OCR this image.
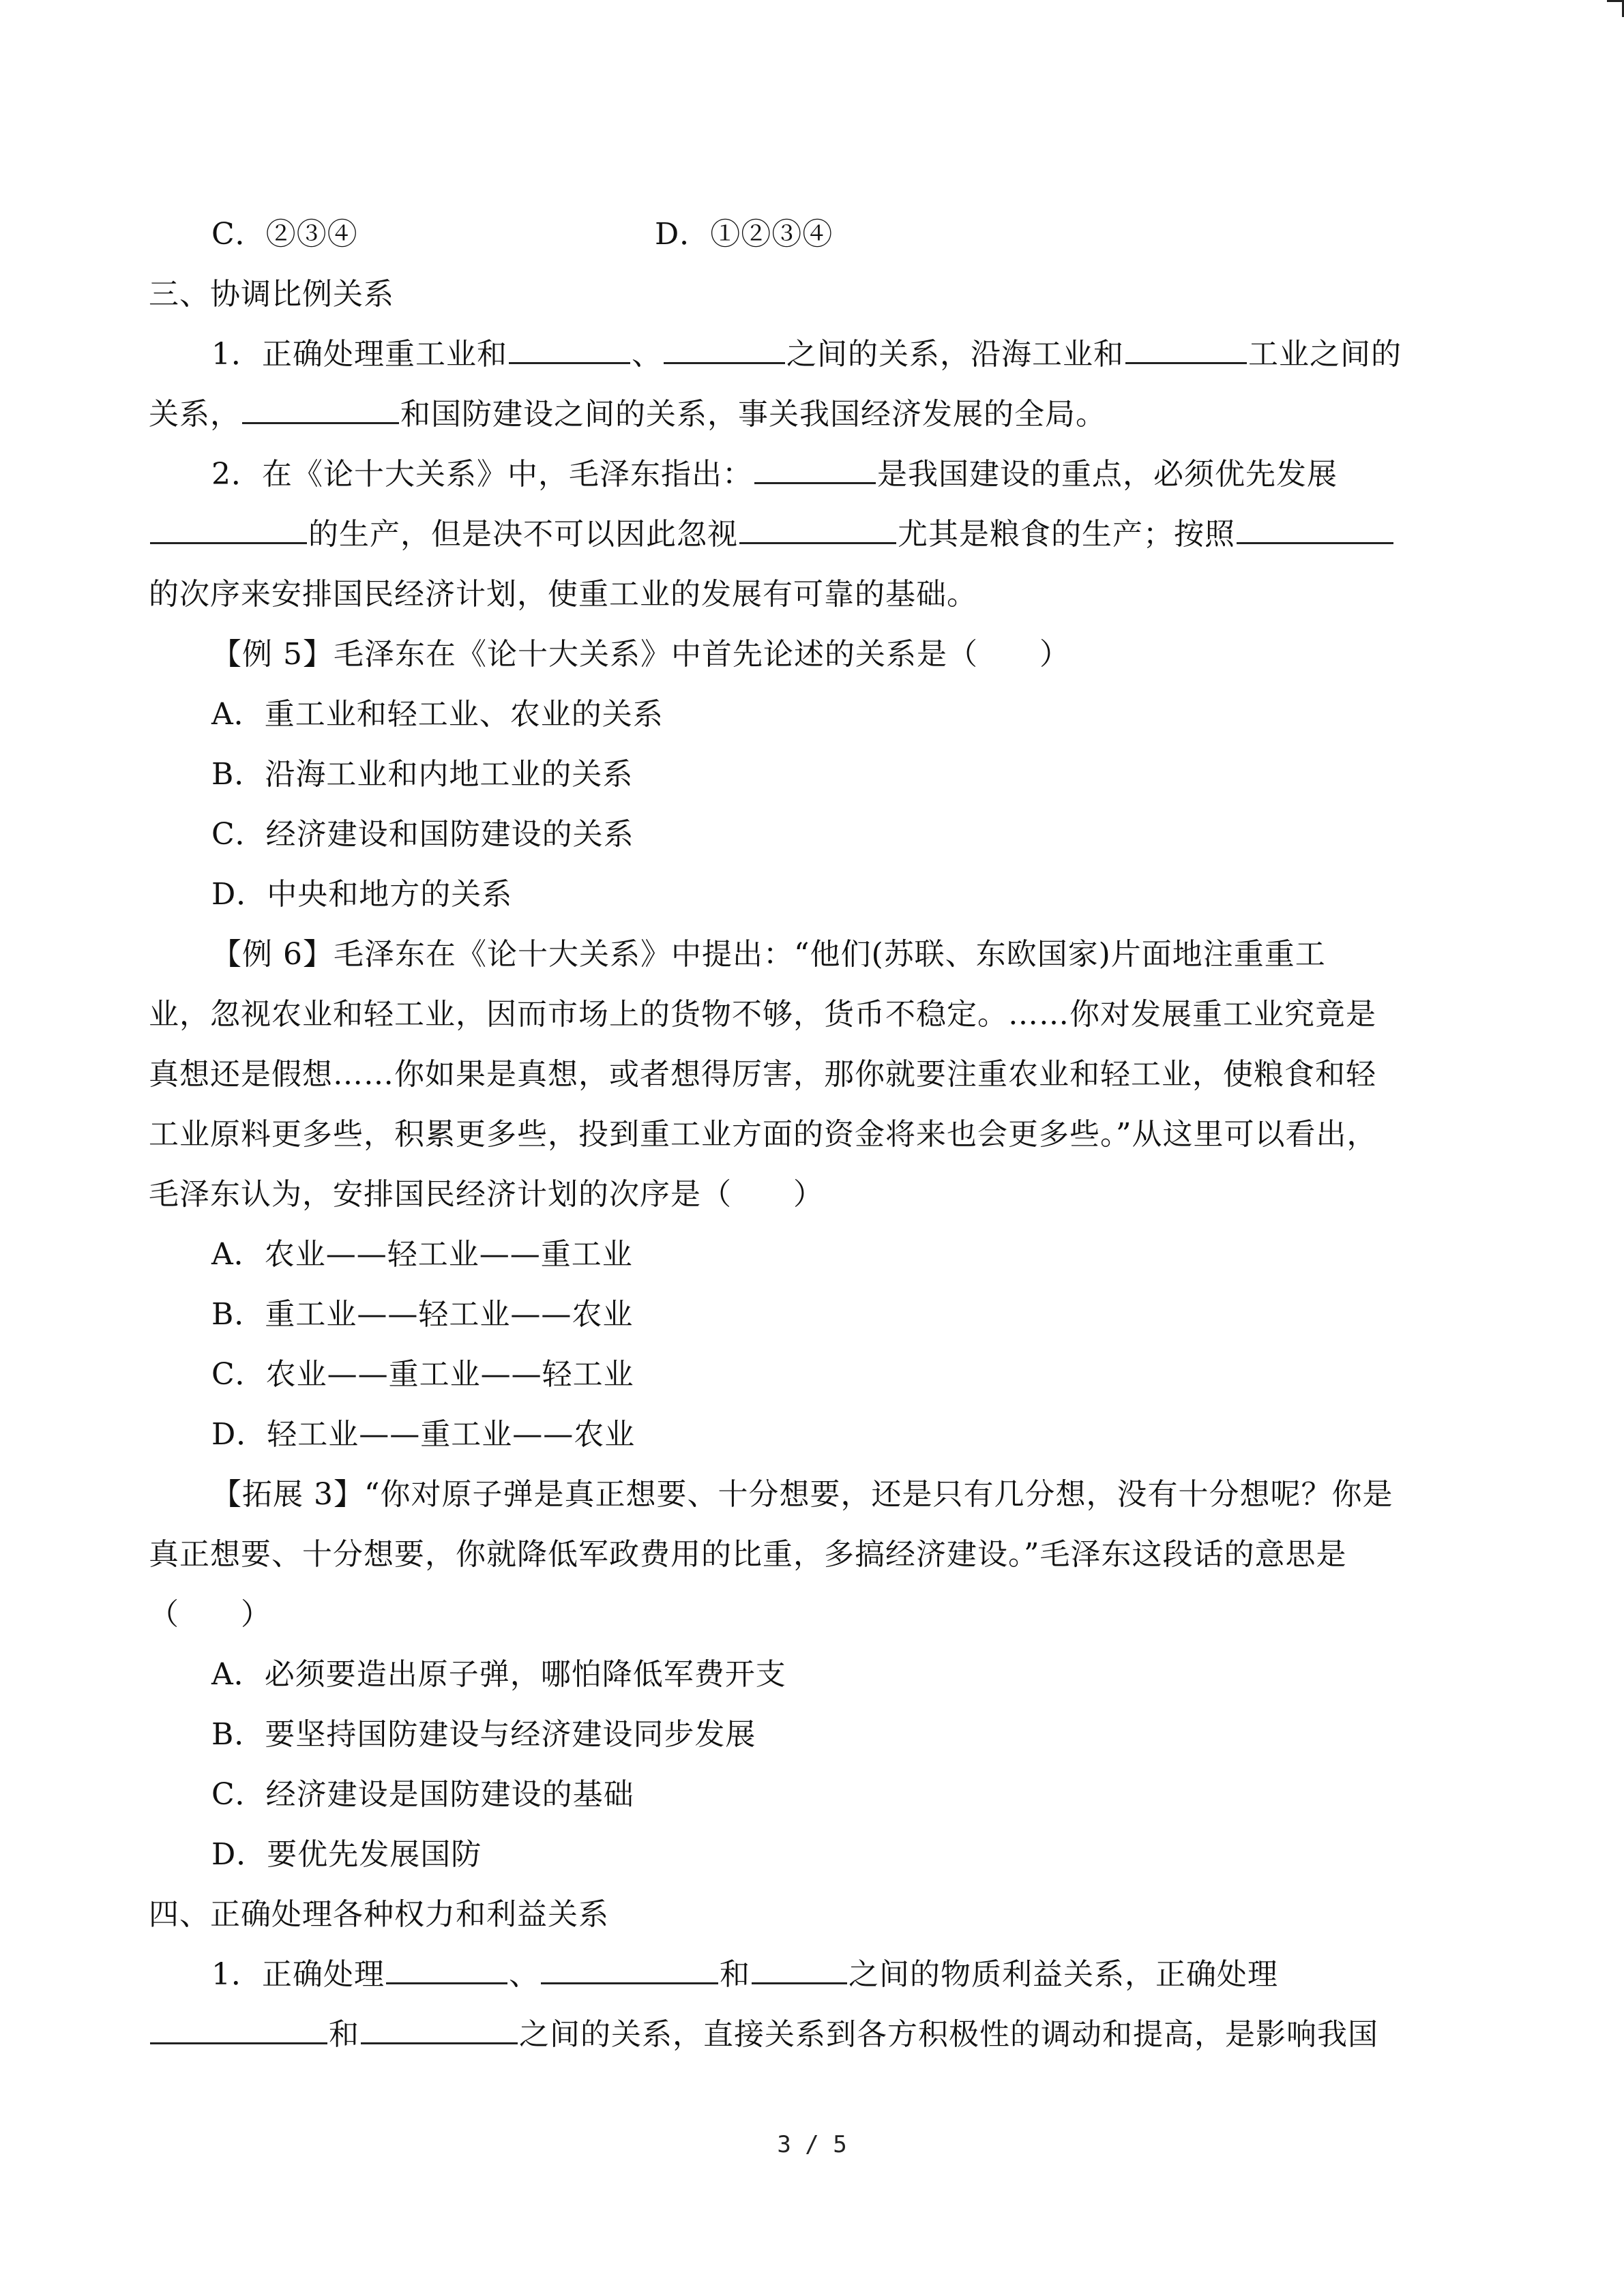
C．②③④	D．①②③④
三、协调比例关系
1．正确处理重工业和	、	之间的关系，沿海工业和	工业之间的
关系，	和国防建设之间的关系，事关我国经济发展的全局。
2．在《论十大关系》中，毛泽东指出：	是我国建设的重点，必须优先发展
的生产，但是决不可以因此忽视	尤其是粮食的生产；按照
的次序来安排国民经济计划，使重工业的发展有可靠的基础。
【例 5】毛泽东在《论十大关系》中首先论述的关系是（　　）
A．重工业和轻工业、农业的关系
B．沿海工业和内地工业的关系
C．经济建设和国防建设的关系
D．中央和地方的关系
【例 6】毛泽东在《论十大关系》中提出：“他们(苏联、东欧国家)片面地注重重工
业，忽视农业和轻工业，因而市场上的货物不够，货币不稳定。……你对发展重工业究竟是
真想还是假想……你如果是真想，或者想得厉害，那你就要注重农业和轻工业，使粮食和轻
工业原料更多些，积累更多些，投到重工业方面的资金将来也会更多些。”从这里可以看出，
毛泽东认为，安排国民经济计划的次序是（　　）
A．农业——轻工业——重工业
B．重工业——轻工业——农业
C．农业——重工业——轻工业
D．轻工业——重工业——农业
【拓展 3】“你对原子弹是真正想要、十分想要，还是只有几分想，没有十分想呢？你是
真正想要、十分想要，你就降低军政费用的比重，多搞经济建设。”毛泽东这段话的意思是
（　　）
A．必须要造出原子弹，哪怕降低军费开支
B．要坚持国防建设与经济建设同步发展
C．经济建设是国防建设的基础
D．要优先发展国防
四、正确处理各种权力和利益关系
1．正确处理	、	和	之间的物质利益关系，正确处理
和	之间的关系，直接关系到各方积极性的调动和提高，是影响我国
3 / 5
